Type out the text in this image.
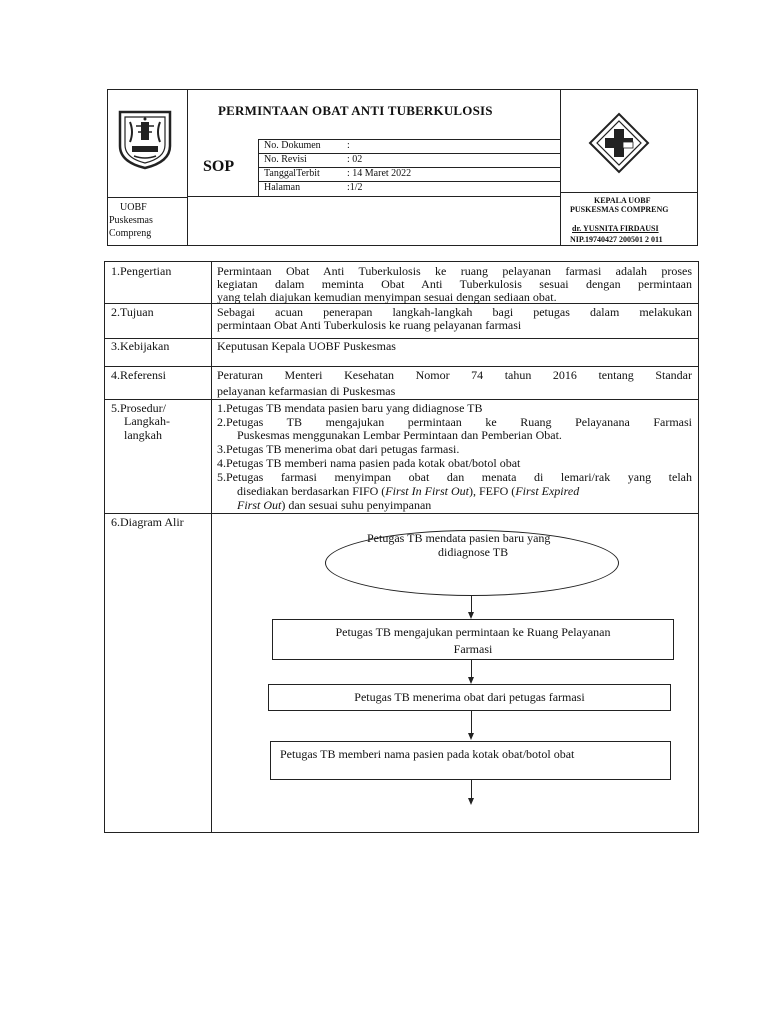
PERMINTAAN OBAT ANTI TUBERKULOSIS
SOP
No. Dokumen	:
No. Revisi	: 02
TanggalTerbit	: 14 Maret 2022
Halaman	:1/2
UOBF
Puskesmas
Compreng
KEPALA UOBF
PUSKESMAS COMPRENG
dr. YUSNITA FIRDAUSI
NIP.19740427 200501 2 011
1.Pengertian	Permintaan Obat Anti Tuberkulosis ke ruang pelayanan farmasi adalah proses
kegiatan dalam meminta Obat Anti Tuberkulosis sesuai dengan permintaan
yang telah diajukan kemudian menyimpan sesuai dengan sediaan obat.
2.Tujuan	Sebagai acuan penerapan langkah-langkah bagi petugas dalam melakukan
permintaan Obat Anti Tuberkulosis ke ruang pelayanan farmasi
3.Kebijakan	Keputusan Kepala UOBF Puskesmas
4.Referensi	Peraturan Menteri Kesehatan Nomor 74 tahun 2016 tentang Standar
pelayanan kefarmasian di Puskesmas
5.Prosedur/
Langkah-
langkah
1.Petugas TB mendata pasien baru yang didiagnose TB
2.Petugas TB mengajukan permintaan ke Ruang Pelayanana Farmasi
Puskesmas menggunakan Lembar Permintaan dan Pemberian Obat.
3.Petugas TB menerima obat dari petugas farmasi.
4.Petugas TB memberi nama pasien pada kotak obat/botol obat
5.Petugas farmasi menyimpan obat dan menata di lemari/rak yang telah
disediakan berdasarkan FIFO (First In First Out), FEFO (First Expired
First Out) dan sesuai suhu penyimpanan
6.Diagram Alir
Petugas TB mendata pasien baru yang
didiagnose TB
Petugas TB mengajukan permintaan ke Ruang Pelayanan
Farmasi
Petugas TB menerima obat dari petugas farmasi
Petugas TB memberi nama pasien pada kotak obat/botol obat
